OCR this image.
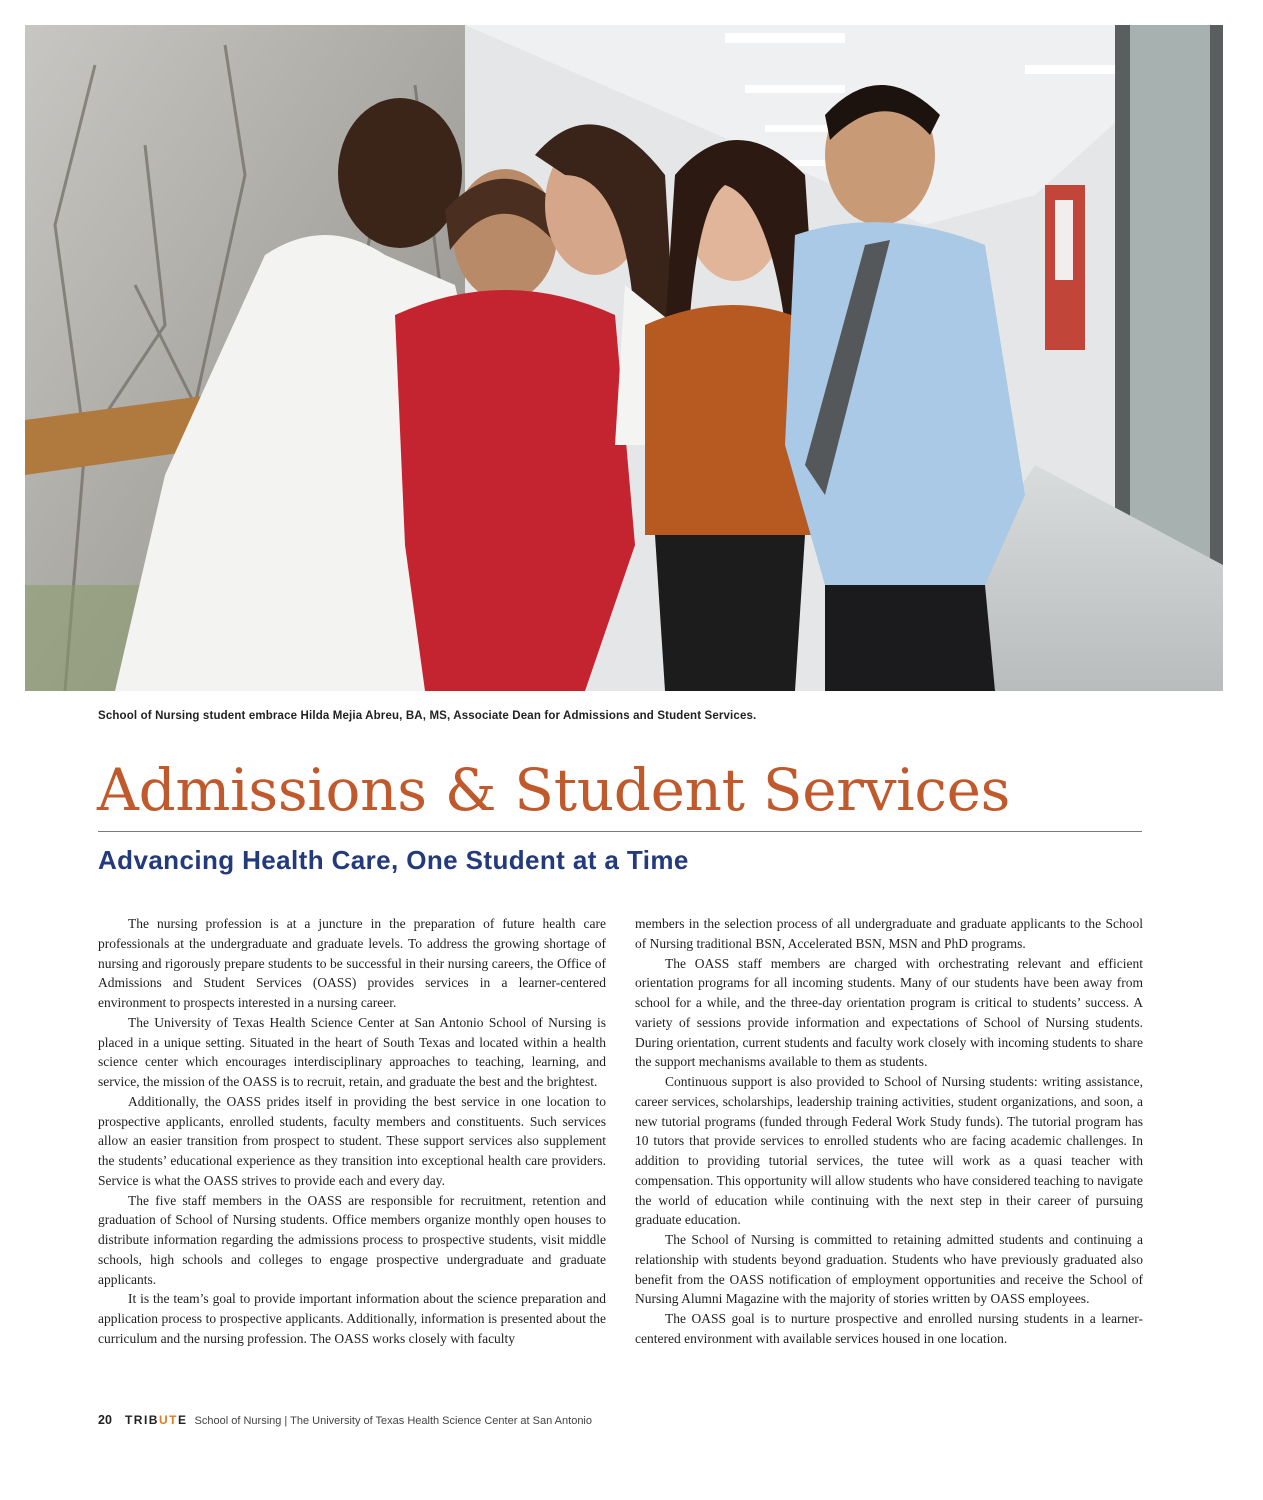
School of Nursing student embrace Hilda Mejia Abreu, BA, MS, Associate Dean for Admissions and Student Services.
Admissions & Student Services
Advancing Health Care, One Student at a Time

The nursing profession is at a juncture in the preparation of future health care professionals at the undergraduate and graduate levels. To address the growing shortage of nursing and rigorously prepare students to be successful in their nursing careers, the Office of Admissions and Student Services (OASS) provides services in a learner-centered environment to prospects interested in a nursing career.

The University of Texas Health Science Center at San Antonio School of Nursing is placed in a unique setting. Situated in the heart of South Texas and located within a health science center which encourages interdisciplinary approaches to teaching, learning, and service, the mission of the OASS is to recruit, retain, and graduate the best and the brightest.

Additionally, the OASS prides itself in providing the best service in one location to prospective applicants, enrolled students, faculty members and constituents. Such services allow an easier transition from prospect to student. These support services also supplement the students’ educational experience as they transition into exceptional health care providers. Service is what the OASS strives to provide each and every day.

The five staff members in the OASS are responsible for recruitment, retention and graduation of School of Nursing students. Office members organize monthly open houses to distribute information regarding the admissions process to prospective students, visit middle schools, high schools and colleges to engage prospective undergraduate and graduate applicants.

It is the team’s goal to provide important information about the science preparation and application process to prospective applicants. Additionally, information is presented about the curriculum and the nursing profession. The OASS works closely with faculty

members in the selection process of all undergraduate and graduate applicants to the School of Nursing traditional BSN, Accelerated BSN, MSN and PhD programs.

The OASS staff members are charged with orchestrating relevant and efficient orientation programs for all incoming students. Many of our students have been away from school for a while, and the three-day orientation program is critical to students’ success. A variety of sessions provide information and expectations of School of Nursing students. During orientation, current students and faculty work closely with incoming students to share the support mechanisms available to them as students.

Continuous support is also provided to School of Nursing students: writing assistance, career services, scholarships, leadership training activities, student organizations, and soon, a new tutorial programs (funded through Federal Work Study funds). The tutorial program has 10 tutors that provide services to enrolled students who are facing academic challenges. In addition to providing tutorial services, the tutee will work as a quasi teacher with compensation. This opportunity will allow students who have considered teaching to navigate the world of education while continuing with the next step in their career of pursuing graduate education.

The School of Nursing is committed to retaining admitted students and continuing a relationship with students beyond graduation. Students who have previously graduated also benefit from the OASS notification of employment opportunities and receive the School of Nursing Alumni Magazine with the majority of stories written by OASS employees.

The OASS goal is to nurture prospective and enrolled nursing students in a learner-centered environment with available services housed in one location.

20 TRIBUTE School of Nursing | The University of Texas Health Science Center at San Antonio
